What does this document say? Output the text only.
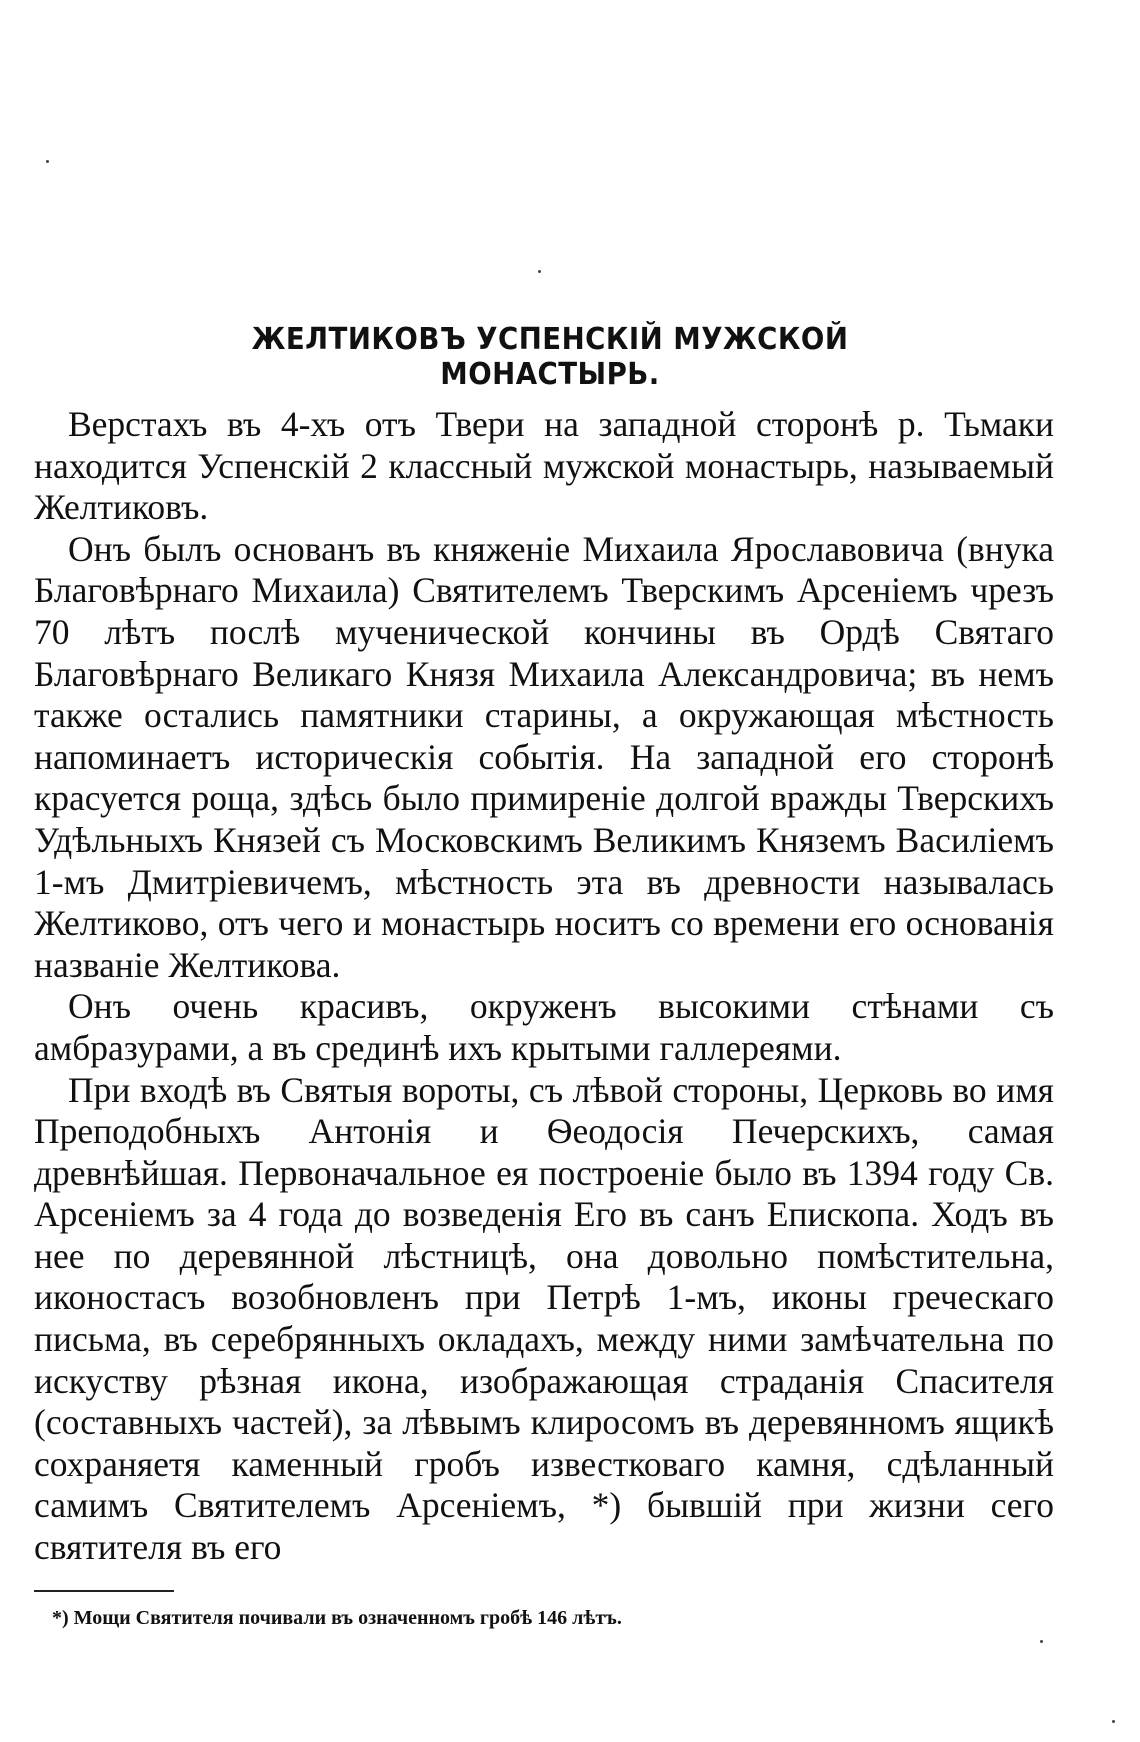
ЖЕЛТИКОВЪ УСПЕНСКІЙ МУЖСКОЙ МОНАСТЫРЬ.

Верстахъ въ 4-хъ отъ Твери на западной сторонѣ р. Тьмаки находится Успенскій 2 классный мужской монастырь, называемый Желтиковъ.

Онъ былъ основанъ въ княженіе Михаила Ярославовича (внука Благовѣрнаго Михаила) Святителемъ Тверскимъ Арсеніемъ чрезъ 70 лѣтъ послѣ мученической кончины въ Ордѣ Святаго Благовѣрнаго Великаго Князя Михаила Александровича; въ немъ также остались памятники старины, а окружающая мѣстность напоминаетъ историческія событія. На западной его сторонѣ красуется роща, здѣсь было примиреніе долгой вражды Тверскихъ Удѣльныхъ Князей съ Московскимъ Великимъ Княземъ Василіемъ 1-мъ Дмитріевичемъ, мѣстность эта въ древности называлась Желтиково, отъ чего и монастырь носитъ со времени его основанія названіе Желтикова.

Онъ очень красивъ, окруженъ высокими стѣнами съ амбразурами, а въ срединѣ ихъ крытыми галлереями.

При входѣ въ Святыя вороты, съ лѣвой стороны, Церковь во имя Преподобныхъ Антонія и Ѳеодосія Печерскихъ, самая древнѣйшая. Первоначальное ея построеніе было въ 1394 году Св. Арсеніемъ за 4 года до возведенія Его въ санъ Епископа. Ходъ въ нее по деревянной лѣстницѣ, она довольно помѣстительна, иконостасъ возобновленъ при Петрѣ 1-мъ, иконы греческаго письма, въ серебрянныхъ окладахъ, между ними замѣчательна по искуству рѣзная икона, изображающая страданія Спасителя (составныхъ частей), за лѣвымъ клиросомъ въ деревянномъ ящикѣ сохраняетя каменный гробъ известковаго камня, сдѣланный самимъ Святителемъ Арсеніемъ, *) бывшій при жизни сего святителя въ его

*) Мощи Святителя почивали въ означенномъ гробѣ 146 лѣтъ.
